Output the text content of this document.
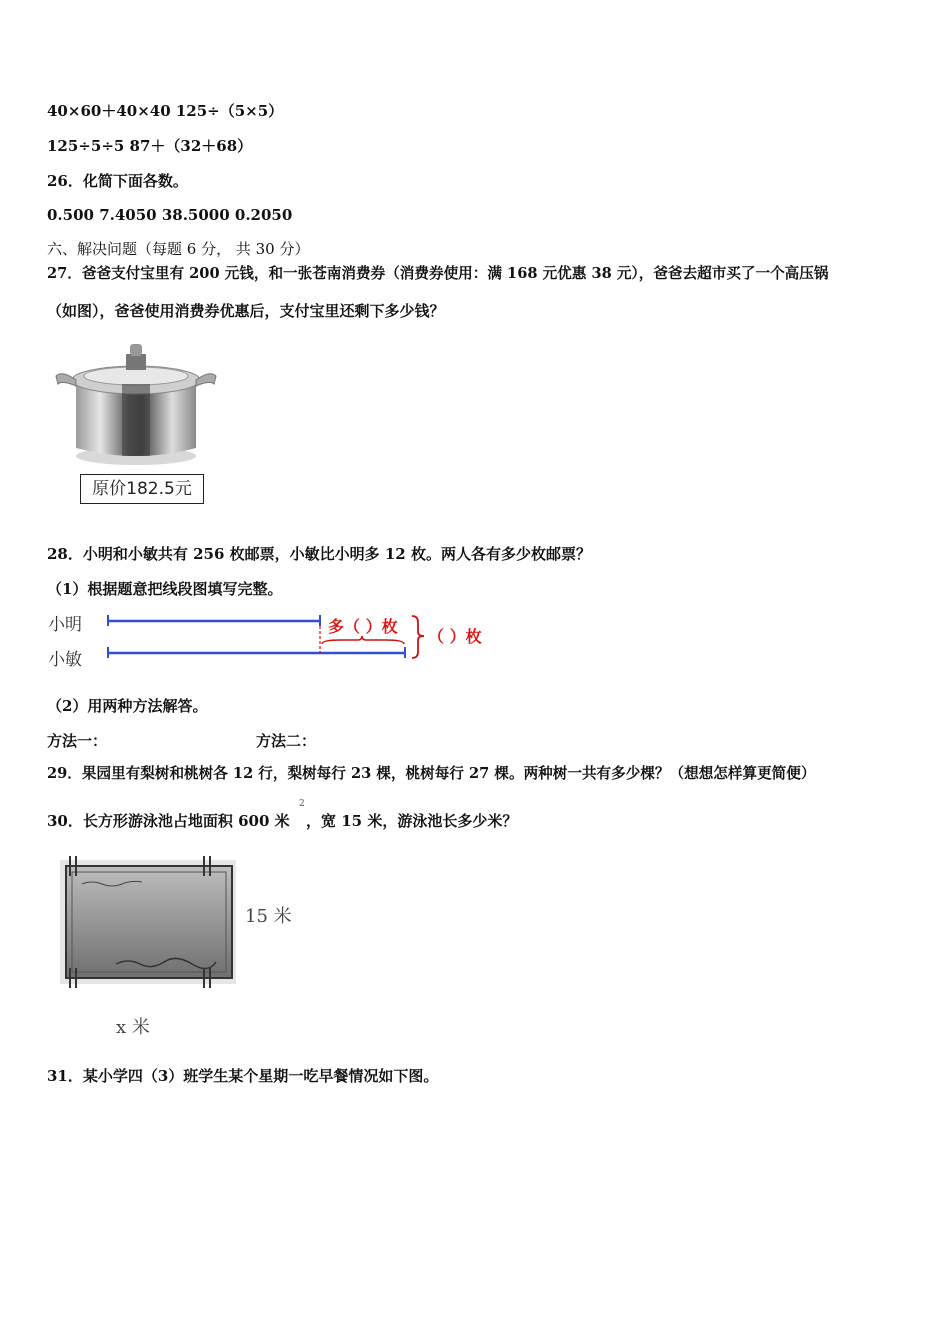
40×60＋40×40 125÷（5×5）
125÷5÷5 87＋（32＋68）
26．化简下面各数。
0.500 7.4050 38.5000 0.2050
六、解决问题（每题 6 分， 共 30 分）
27．爸爸支付宝里有 200 元钱，和一张苍南消费券（消费券使用：满 168 元优惠 38 元），爸爸去超市买了一个高压锅
（如图），爸爸使用消费券优惠后，支付宝里还剩下多少钱？
原价182.5元
28．小明和小敏共有 256 枚邮票，小敏比小明多 12 枚。两人各有多少枚邮票？
（1）根据题意把线段图填写完整。
小明
小敏
多（ ）枚
（ ）枚
（2）用两种方法解答。
方法一：	方法二：
29．果园里有梨树和桃树各 12 行，梨树每行 23 棵，桃树每行 27 棵。两种树一共有多少棵？（想想怎样算更简便）
30．长方形游泳池占地面积 600 米
2
，宽 15 米，游泳池长多少米？
15 米
x 米
31．某小学四（3）班学生某个星期一吃早餐情况如下图。
